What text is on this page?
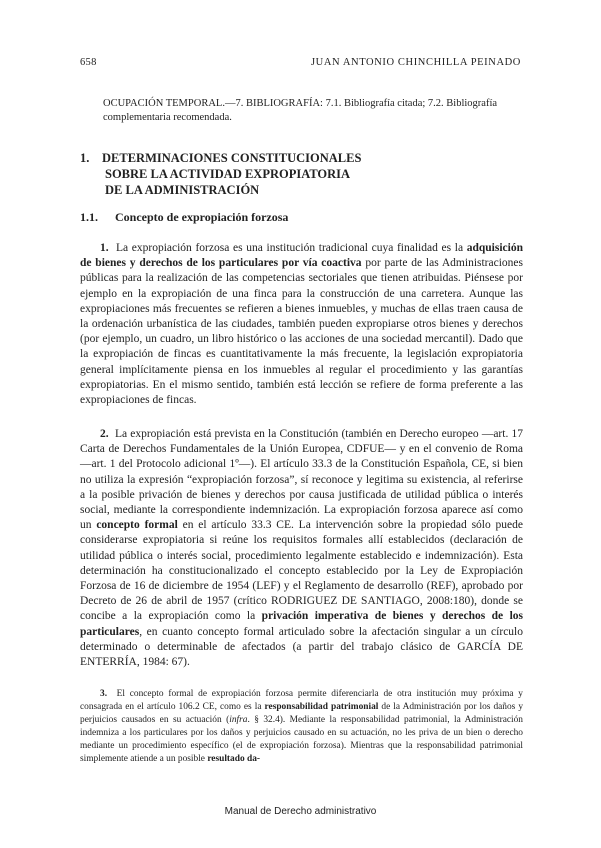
658	JUAN ANTONIO CHINCHILLA PEINADO
OCUPACIÓN TEMPORAL.—7. BIBLIOGRAFÍA: 7.1. Bibliografía citada; 7.2. Bibliografía complementaria recomendada.
1. DETERMINACIONES CONSTITUCIONALES
SOBRE LA ACTIVIDAD EXPROPIATORIA
DE LA ADMINISTRACIÓN
1.1. Concepto de expropiación forzosa
1. La expropiación forzosa es una institución tradicional cuya finalidad es la adquisición de bienes y derechos de los particulares por vía coactiva por parte de las Administraciones públicas para la realización de las competencias sectoriales que tienen atribuidas. Piénsese por ejemplo en la expropiación de una finca para la construcción de una carretera. Aunque las expropiaciones más frecuentes se refieren a bienes inmuebles, y muchas de ellas traen causa de la ordenación urbanística de las ciudades, también pueden expropiarse otros bienes y derechos (por ejemplo, un cuadro, un libro histórico o las acciones de una sociedad mercantil). Dado que la expropiación de fincas es cuantitativamente la más frecuente, la legislación expropiatoria general implícitamente piensa en los inmuebles al regular el procedimiento y las garantías expropiatorias. En el mismo sentido, también está lección se refiere de forma preferente a las expropiaciones de fincas.
2. La expropiación está prevista en la Constitución (también en Derecho europeo —art. 17 Carta de Derechos Fundamentales de la Unión Europea, CDFUE— y en el convenio de Roma —art. 1 del Protocolo adicional 1º—). El artículo 33.3 de la Constitución Española, CE, si bien no utiliza la expresión “expropiación forzosa”, sí reconoce y legitima su existencia, al referirse a la posible privación de bienes y derechos por causa justificada de utilidad pública o interés social, mediante la correspondiente indemnización. La expropiación forzosa aparece así como un concepto formal en el artículo 33.3 CE. La intervención sobre la propiedad sólo puede considerarse expropiatoria si reúne los requisitos formales allí establecidos (declaración de utilidad pública o interés social, procedimiento legalmente establecido e indemnización). Esta determinación ha constitucionalizado el concepto establecido por la Ley de Expropiación Forzosa de 16 de diciembre de 1954 (LEF) y el Reglamento de desarrollo (REF), aprobado por Decreto de 26 de abril de 1957 (crítico RODRIGUEZ DE SANTIAGO, 2008:180), donde se concibe a la expropiación como la privación imperativa de bienes y derechos de los particulares, en cuanto concepto formal articulado sobre la afectación singular a un círculo determinado o determinable de afectados (a partir del trabajo clásico de GARCÍA DE ENTERRÍA, 1984: 67).
3. El concepto formal de expropiación forzosa permite diferenciarla de otra institución muy próxima y consagrada en el artículo 106.2 CE, como es la responsabilidad patrimonial de la Administración por los daños y perjuicios causados en su actuación (infra. § 32.4). Mediante la responsabilidad patrimonial, la Administración indemniza a los particulares por los daños y perjuicios causado en su actuación, no les priva de un bien o derecho mediante un procedimiento específico (el de expropiación forzosa). Mientras que la responsabilidad patrimonial simplemente atiende a un posible resultado da-
Manual de Derecho administrativo
